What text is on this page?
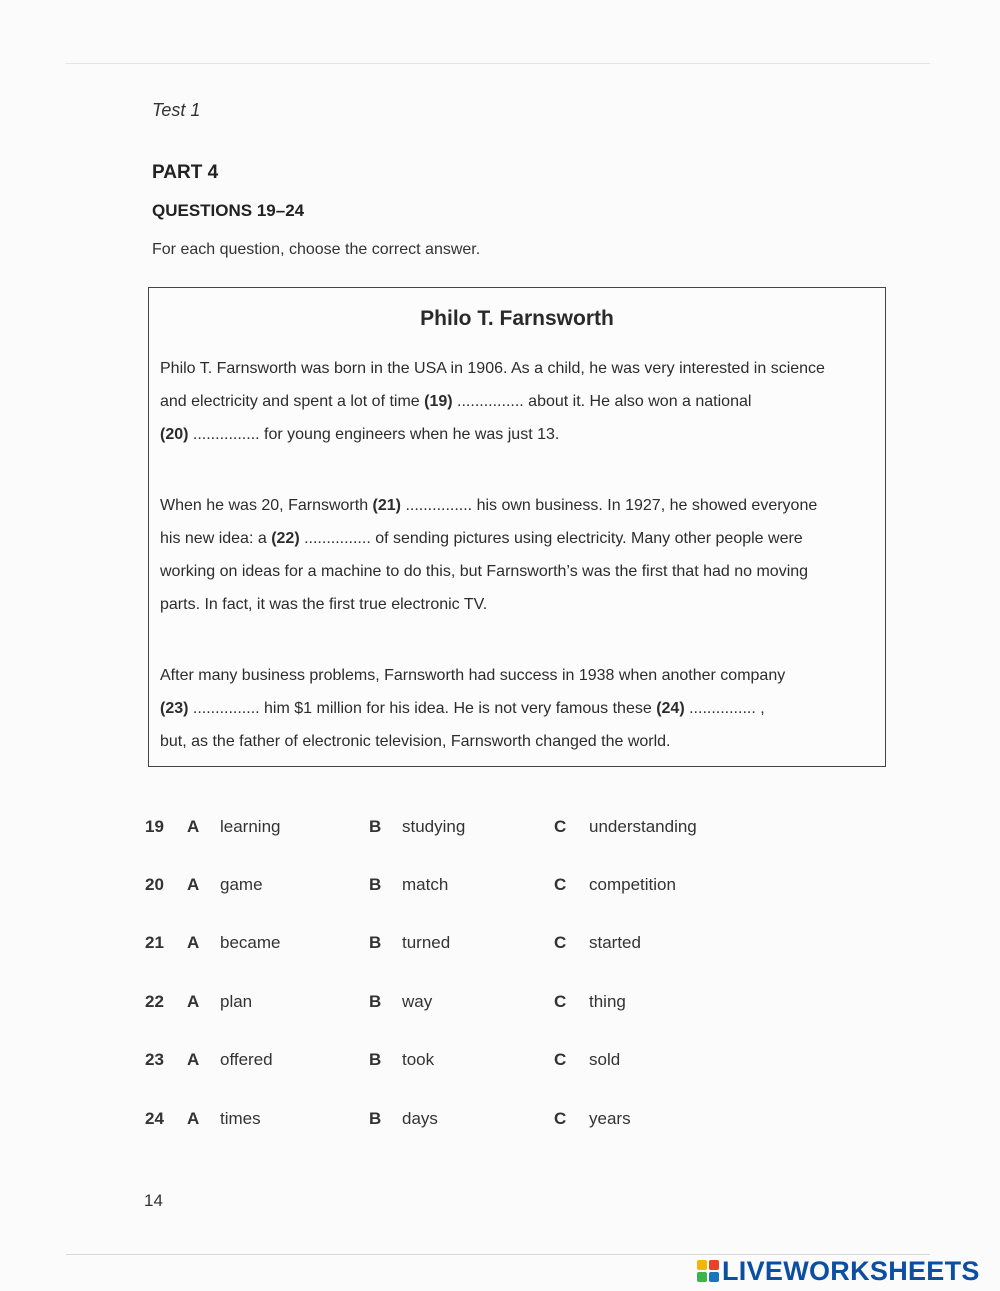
Test 1
PART 4
QUESTIONS 19–24
For each question, choose the correct answer.
Philo T. Farnsworth
Philo T. Farnsworth was born in the USA in 1906. As a child, he was very interested in science
and electricity and spent a lot of time (19) ............... about it. He also won a national
(20) ............... for young engineers when he was just 13.
When he was 20, Farnsworth (21) ............... his own business. In 1927, he showed everyone
his new idea: a (22) ............... of sending pictures using electricity. Many other people were
working on ideas for a machine to do this, but Farnsworth’s was the first that had no moving
parts. In fact, it was the first true electronic TV.
After many business problems, Farnsworth had success in 1938 when another company
(23) ............... him $1 million for his idea. He is not very famous these (24) ............... ,
but, as the father of electronic television, Farnsworth changed the world.
19 A learning	B studying	C understanding
20 A game	B match	C competition
21 A became	B turned	C started
22 A plan	B way	C thing
23 A offered	B took	C sold
24 A times	B days	C years
14
LIVEWORKSHEETS
